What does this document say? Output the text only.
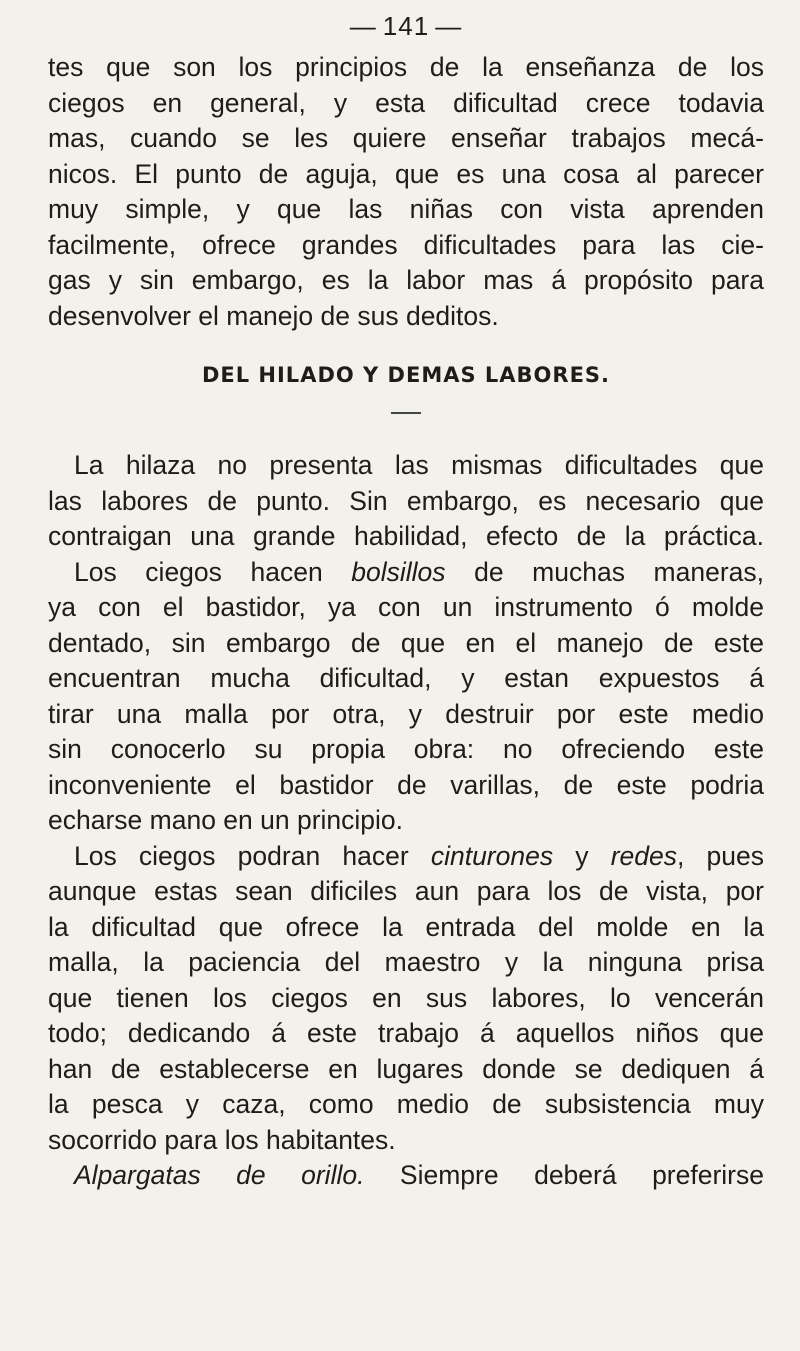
— 141 —

tes que son los principios de la enseñanza de los
ciegos en general, y esta dificultad crece todavia
mas, cuando se les quiere enseñar trabajos mecá-
nicos. El punto de aguja, que es una cosa al parecer
muy simple, y que las niñas con vista aprenden
facilmente, ofrece grandes dificultades para las cie-
gas y sin embargo, es la labor mas á propósito para
desenvolver el manejo de sus deditos.

DEL HILADO Y DEMAS LABORES.

La hilaza no presenta las mismas dificultades que
las labores de punto. Sin embargo, es necesario que
contraigan una grande habilidad, efecto de la práctica.

Los ciegos hacen bolsillos de muchas maneras,
ya con el bastidor, ya con un instrumento ó molde
dentado, sin embargo de que en el manejo de este
encuentran mucha dificultad, y estan expuestos á
tirar una malla por otra, y destruir por este medio
sin conocerlo su propia obra: no ofreciendo este
inconveniente el bastidor de varillas, de este podria
echarse mano en un principio.

Los ciegos podran hacer cinturones y redes, pues
aunque estas sean dificiles aun para los de vista, por
la dificultad que ofrece la entrada del molde en la
malla, la paciencia del maestro y la ninguna prisa
que tienen los ciegos en sus labores, lo vencerán
todo; dedicando á este trabajo á aquellos niños que
han de establecerse en lugares donde se dediquen á
la pesca y caza, como medio de subsistencia muy
socorrido para los habitantes.

Alpargatas de orillo. Siempre deberá preferirse
